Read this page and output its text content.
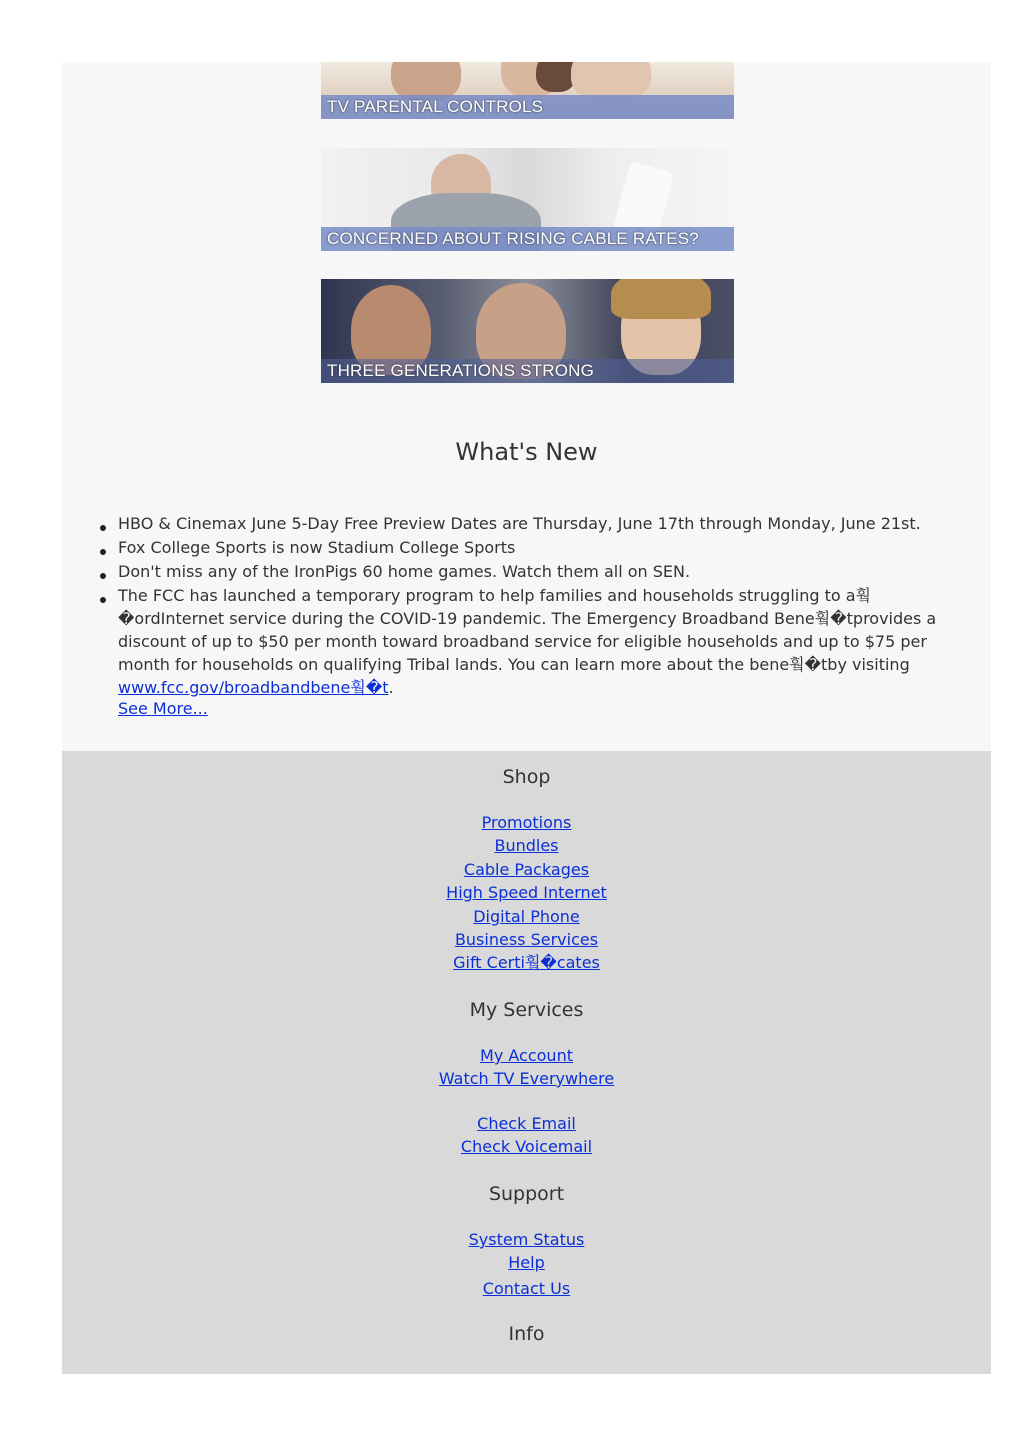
TV PARENTAL CONTROLS
CONCERNED ABOUT RISING CABLE RATES?
THREE GENERATIONS STRONG
What's New
HBO & Cinemax June 5-Day Free Preview Dates are Thursday, June 17th through Monday, June 21st.
Fox College Sports is now Stadium College Sports
Don't miss any of the IronPigs 60 home games. Watch them all on SEN.
The FCC has launched a temporary program to help families and households struggling to a훸�ordInternet service during the COVID-19 pandemic. The Emergency Broadband Bene훸�tprovides a discount of up to $50 per month toward broadband service for eligible households and up to $75 per month for households on qualifying Tribal lands. You can learn more about the bene훸�tby visiting www.fcc.gov/broadbandbene훸�t.
See More...
Shop
Promotions
Bundles
Cable Packages
High Speed Internet
Digital Phone
Business Services
Gift Certi훸�cates
My Services
My Account
Watch TV Everywhere
Check Email
Check Voicemail
Support
System Status
Help
Contact Us
Info
